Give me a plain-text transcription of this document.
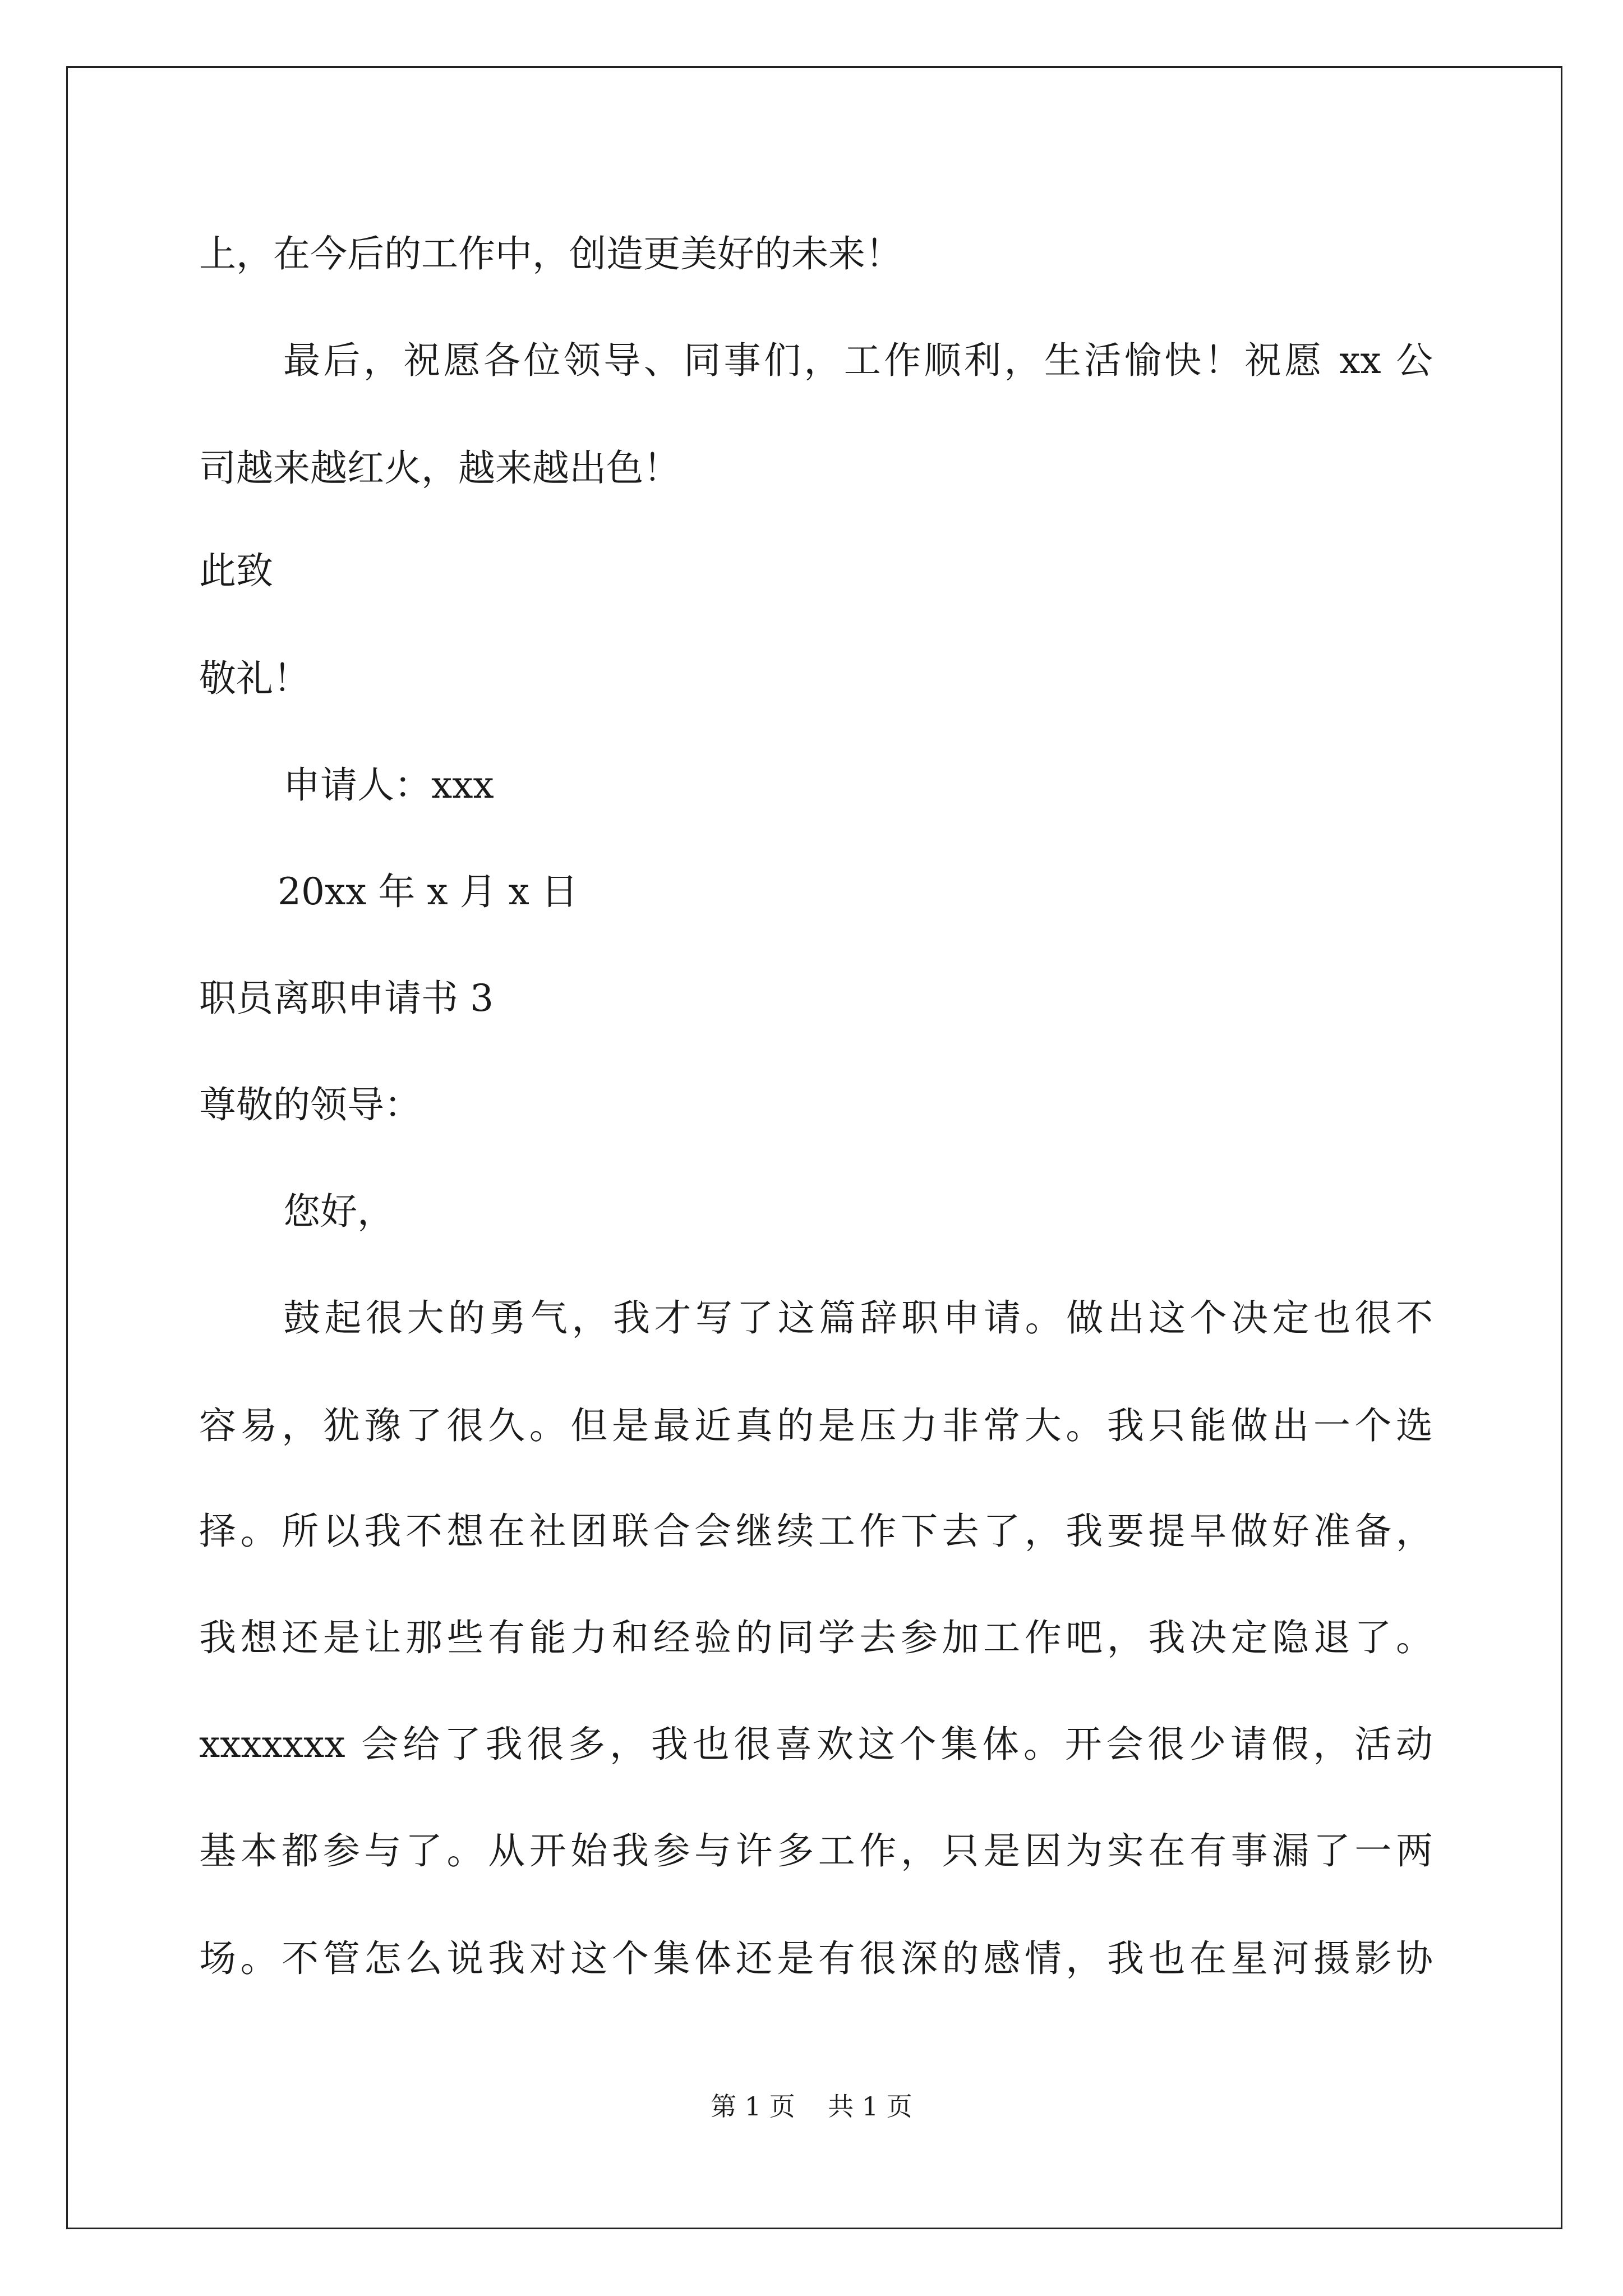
上，在今后的工作中，创造更美好的未来！
最后，祝愿各位领导、同事们，工作顺利，生活愉快！祝愿 xx 公
司越来越红火，越来越出色！
此致
敬礼！
申请人：xxx
20xx 年 x 月 x 日
职员离职申请书 3
尊敬的领导：
您好，
鼓起很大的勇气，我才写了这篇辞职申请。做出这个决定也很不
容易，犹豫了很久。但是最近真的是压力非常大。我只能做出一个选
择。所以我不想在社团联合会继续工作下去了，我要提早做好准备，
我想还是让那些有能力和经验的同学去参加工作吧，我决定隐退了。
xxxxxxx 会给了我很多，我也很喜欢这个集体。开会很少请假，活动
基本都参与了。从开始我参与许多工作，只是因为实在有事漏了一两
场。不管怎么说我对这个集体还是有很深的感情，我也在星河摄影协
第 1 页    共 1 页
